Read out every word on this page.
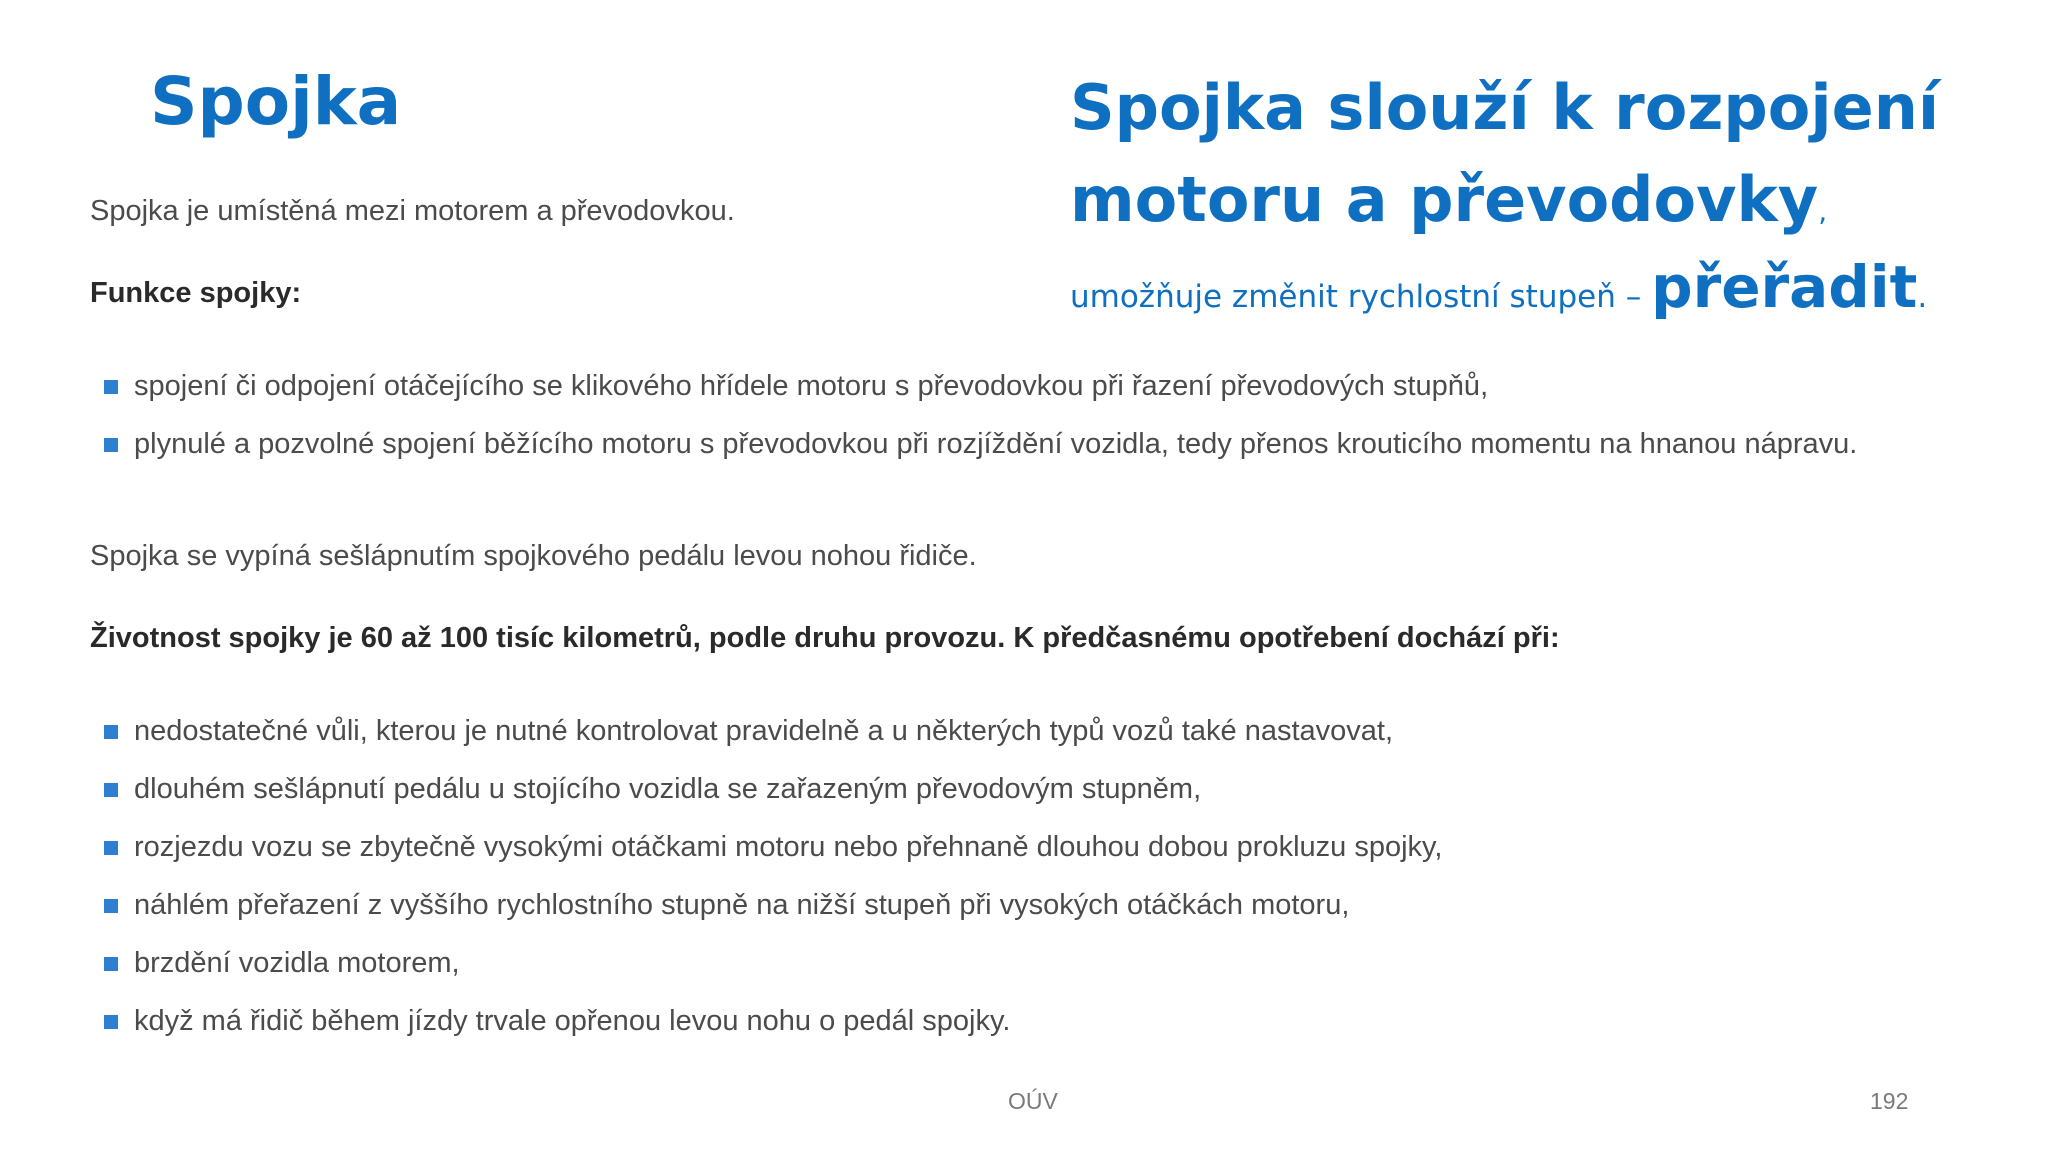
Spojka	Spojka slouží k rozpojení
motoru a převodovky,
umožňuje změnit rychlostní stupeň – přeřadit.

Spojka je umístěná mezi motorem a převodovkou.

Funkce spojky:

spojení či odpojení otáčejícího se klikového hřídele motoru s převodovkou při řazení převodových stupňů,
plynulé a pozvolné spojení běžícího motoru s převodovkou při rozjíždění vozidla, tedy přenos krouticího momentu na hnanou nápravu.

Spojka se vypíná sešlápnutím spojkového pedálu levou nohou řidiče.

Životnost spojky je 60 až 100 tisíc kilometrů, podle druhu provozu. K předčasnému opotřebení dochází při:

nedostatečné vůli, kterou je nutné kontrolovat pravidelně a u některých typů vozů také nastavovat,
dlouhém sešlápnutí pedálu u stojícího vozidla se zařazeným převodovým stupněm,
rozjezdu vozu se zbytečně vysokými otáčkami motoru nebo přehnaně dlouhou dobou prokluzu spojky,
náhlém přeřazení z vyššího rychlostního stupně na nižší stupeň při vysokých otáčkách motoru,
brzdění vozidla motorem,
když má řidič během jízdy trvale opřenou levou nohu o pedál spojky.
OÚV	192
